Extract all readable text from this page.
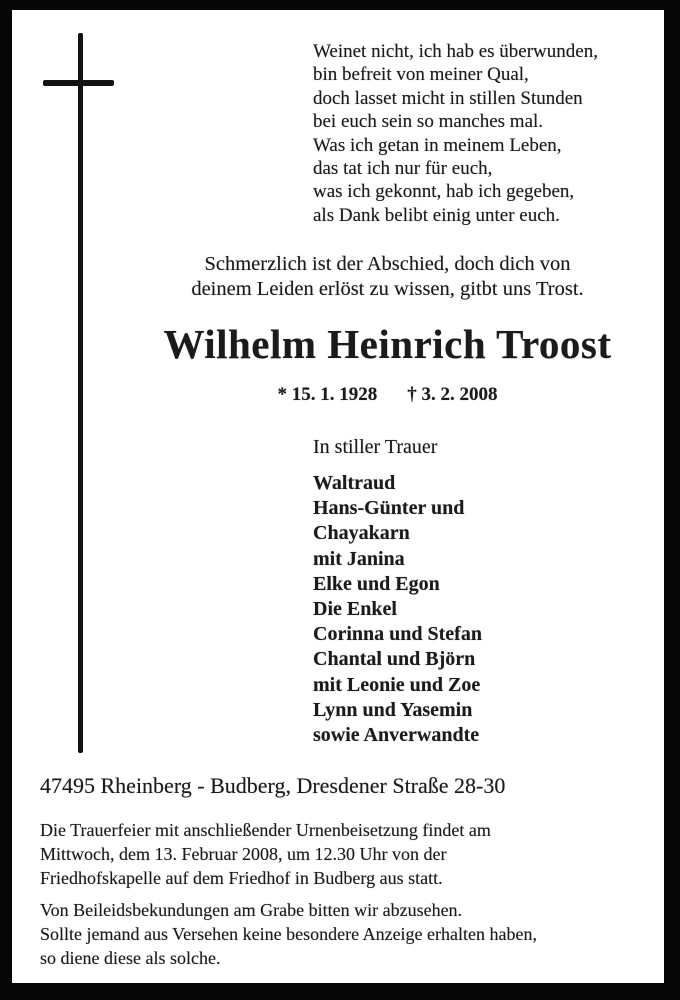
Weinet nicht, ich hab es überwunden,
bin befreit von meiner Qual,
doch lasset micht in stillen Stunden
bei euch sein so manches mal.
Was ich getan in meinem Leben,
das tat ich nur für euch,
was ich gekonnt, hab ich gegeben,
als Dank belibt einig unter euch.
Schmerzlich ist der Abschied, doch dich von
deinem Leiden erlöst zu wissen, gitbt uns Trost.
Wilhelm Heinrich Troost
* 15. 1. 1928 † 3. 2. 2008
In stiller Trauer
Waltraud
Hans-Günter und
Chayakarn
mit Janina
Elke und Egon
Die Enkel
Corinna und Stefan
Chantal und Björn
mit Leonie und Zoe
Lynn und Yasemin
sowie Anverwandte
47495 Rheinberg - Budberg, Dresdener Straße 28-30
Die Trauerfeier mit anschließender Urnenbeisetzung findet am
Mittwoch, dem 13. Februar 2008, um 12.30 Uhr von der
Friedhofskapelle auf dem Friedhof in Budberg aus statt.
Von Beileidsbekundungen am Grabe bitten wir abzusehen.
Sollte jemand aus Versehen keine besondere Anzeige erhalten haben,
so diene diese als solche.
